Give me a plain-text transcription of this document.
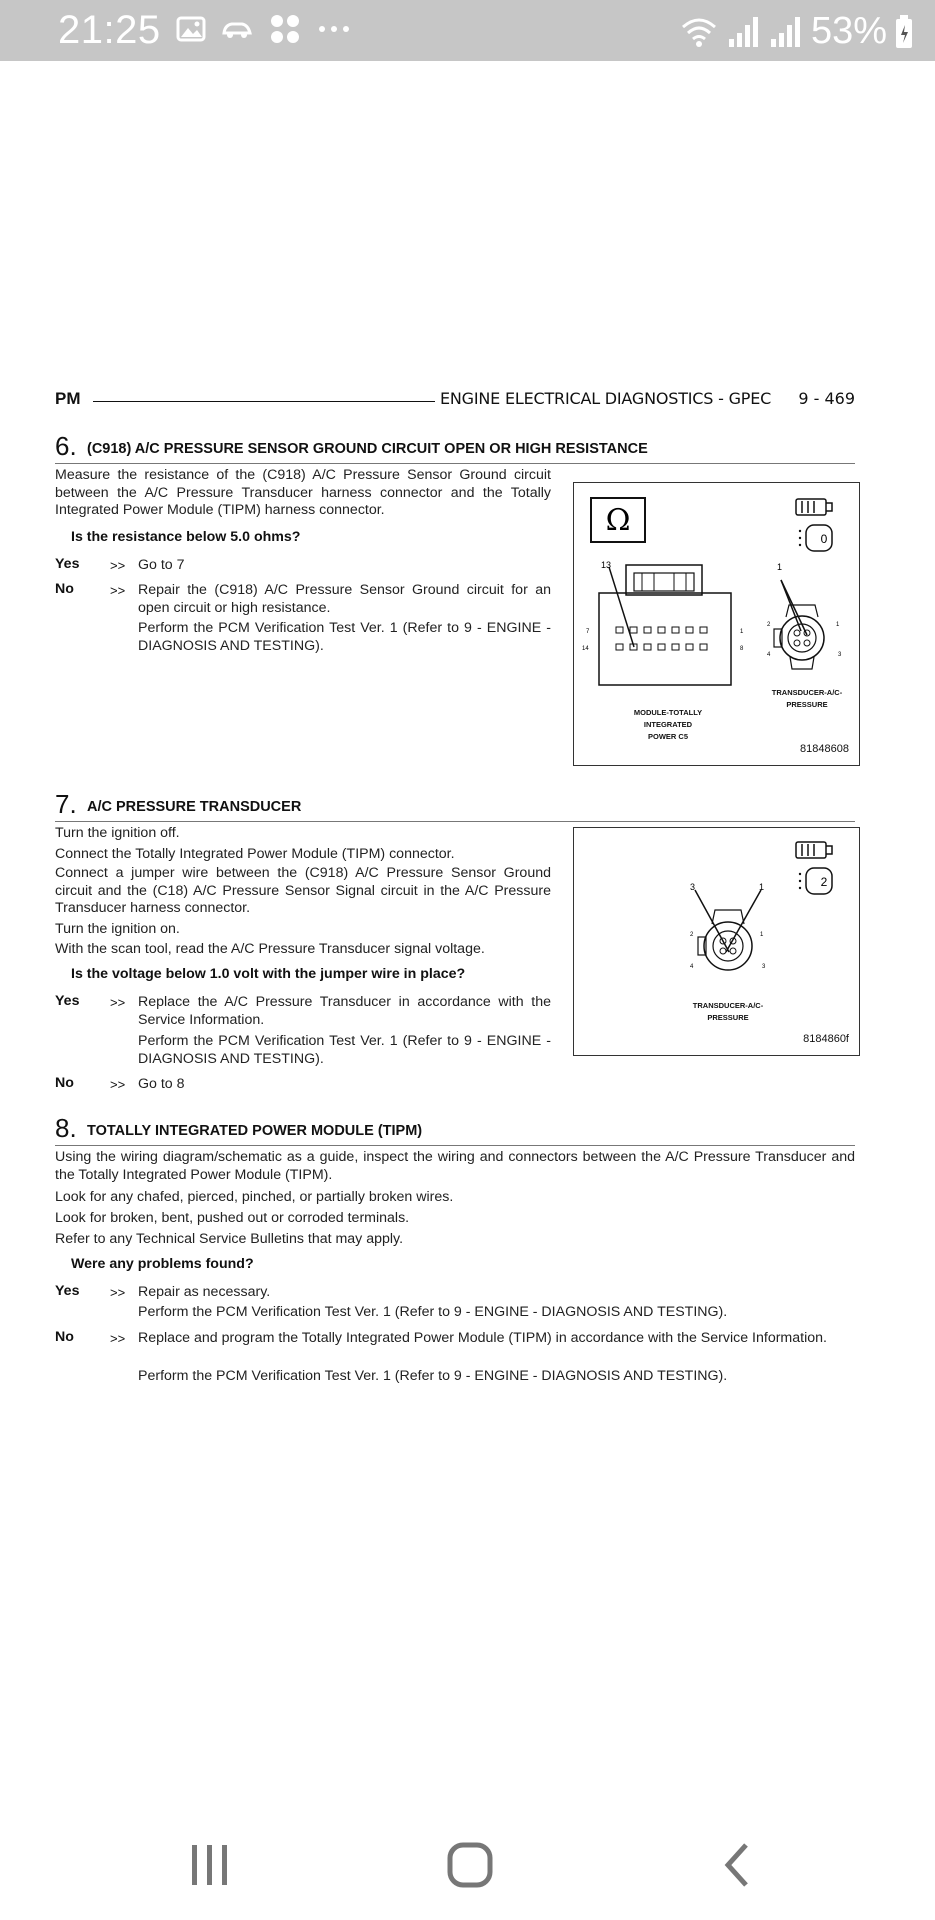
21:25	53%
PM	ENGINE ELECTRICAL DIAGNOSTICS - GPEC 9 - 469
6. (C918) A/C PRESSURE SENSOR GROUND CIRCUIT OPEN OR HIGH RESISTANCE
Measure the resistance of the (C918) A/C Pressure Sensor Ground circuit between the A/C Pressure Transducer harness connector and the Totally Integrated Power Module (TIPM) harness connector.
Is the resistance below 5.0 ohms?
Yes >> Go to 7
No	>> Repair the (C918) A/C Pressure Sensor Ground circuit for an open circuit or high resistance.
Perform the PCM Verification Test Ver. 1 (Refer to 9 - ENGINE - DIAGNOSIS AND TESTING).
Ω
0
13
7
14
1
8
1
2	1
4	3
MODULE-TOTALLY INTEGRATED POWER C5
TRANSDUCER-A/C-PRESSURE
81848608
7. A/C PRESSURE TRANSDUCER
Turn the ignition off.
Connect the Totally Integrated Power Module (TIPM) connector.
Connect a jumper wire between the (C918) A/C Pressure Sensor Ground circuit and the (C18) A/C Pressure Sensor Signal circuit in the A/C Pressure Transducer harness connector.
Turn the ignition on.
With the scan tool, read the A/C Pressure Transducer signal voltage.
Is the voltage below 1.0 volt with the jumper wire in place?
Yes >> Replace the A/C Pressure Transducer in accordance with the Service Information.
Perform the PCM Verification Test Ver. 1 (Refer to 9 - ENGINE - DIAGNOSIS AND TESTING).
No	>> Go to 8
2
3	1
2	1
4	3
TRANSDUCER-A/C-PRESSURE
8184860f
8. TOTALLY INTEGRATED POWER MODULE (TIPM)
Using the wiring diagram/schematic as a guide, inspect the wiring and connectors between the A/C Pressure Transducer and the Totally Integrated Power Module (TIPM).
Look for any chafed, pierced, pinched, or partially broken wires.
Look for broken, bent, pushed out or corroded terminals.
Refer to any Technical Service Bulletins that may apply.
Were any problems found?
Yes >> Repair as necessary.
Perform the PCM Verification Test Ver. 1 (Refer to 9 - ENGINE - DIAGNOSIS AND TESTING).
No	>> Replace and program the Totally Integrated Power Module (TIPM) in accordance with the Service Information.
Perform the PCM Verification Test Ver. 1 (Refer to 9 - ENGINE - DIAGNOSIS AND TESTING).
